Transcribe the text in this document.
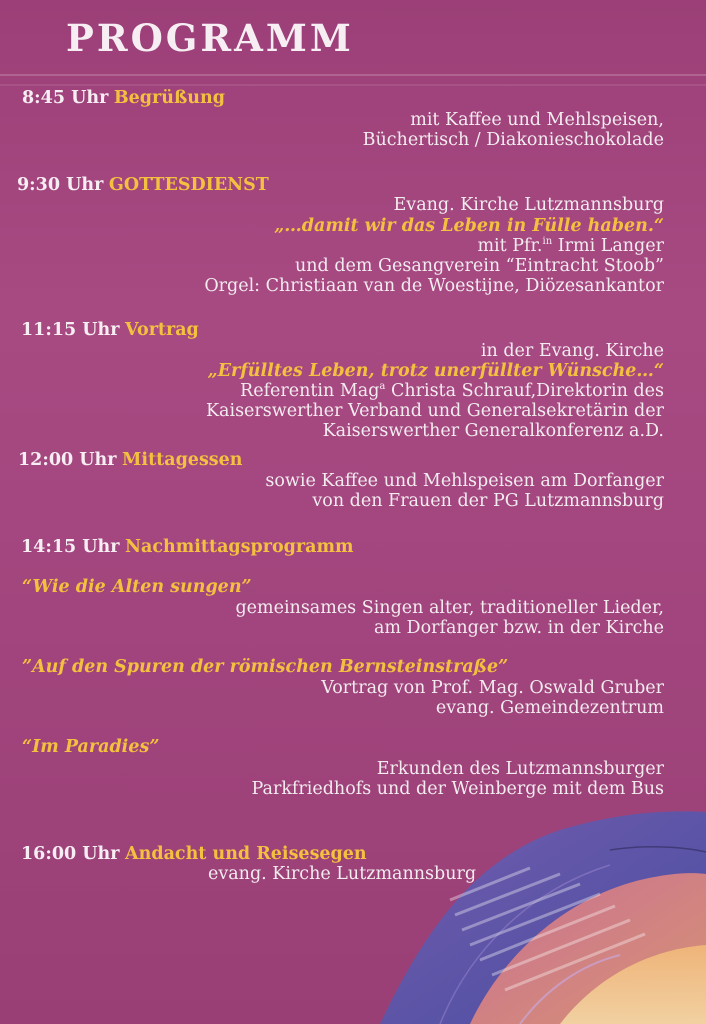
PROGRAMM
8:45 Uhr Begrüßung
mit Kaffee und Mehlspeisen,
Büchertisch / Diakonieschokolade
9:30 Uhr GOTTESDIENST
Evang. Kirche Lutzmannsburg
„…damit wir das Leben in Fülle haben.“
mit Pfr.$^{in}$ Irmi Langer
und dem Gesangverein “Eintracht Stoob”
Orgel: Christiaan van de Woestijne, Diözesankantor
11:15 Uhr Vortrag
in der Evang. Kirche
„Erfülltes Leben, trotz unerfüllter Wünsche…“
Referentin Mag$^a$ Christa Schrauf,Direktorin des
Kaiserswerther Verband und Generalsekretärin der
Kaiserswerther Generalkonferenz a.D.
12:00 Uhr Mittagessen
sowie Kaffee und Mehlspeisen am Dorfanger
von den Frauen der PG Lutzmannsburg
14:15 Uhr Nachmittagsprogramm
“Wie die Alten sungen”
gemeinsames Singen alter, traditioneller Lieder,
am Dorfanger bzw. in der Kirche
”Auf den Spuren der römischen Bernsteinstraße”
Vortrag von Prof. Mag. Oswald Gruber
evang. Gemeindezentrum
“Im Paradies”
Erkunden des Lutzmannsburger
Parkfriedhofs und der Weinberge mit dem Bus
16:00 Uhr Andacht und Reisesegen
evang. Kirche Lutzmannsburg
